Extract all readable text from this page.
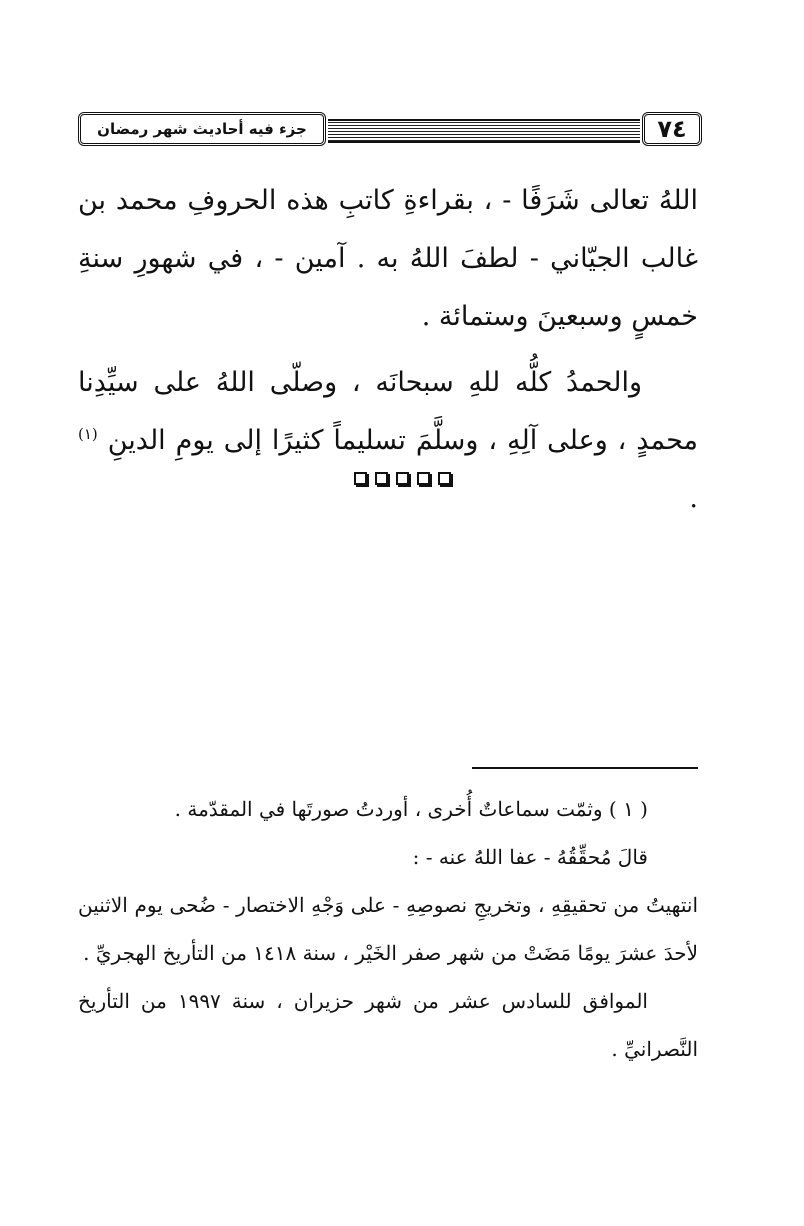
جزء فيه أحاديث شهر رمضان	٧٤

اللهُ تعالى شَرَفًا - ، بقراءةِ كاتبِ هذه الحروفِ محمد بن غالب الجيّاني - لطفَ اللهُ به . آمين - ، في شهورِ سنةِ خمسٍ وسبعينَ وستمائة .

والحمدُ كلُّه للهِ سبحانَه ، وصلّى اللهُ على سيِّدِنا محمدٍ ، وعلى آلِهِ ، وسلَّمَ تسليماً كثيرًا إلى يومِ الدينِ $^{(١)}$ .

( ١ ) وثمّت سماعاتٌ أُخرى ، أوردتُ صورتَها في المقدّمة .

قالَ مُحقِّقُهُ - عفا اللهُ عنه - :

انتهيتُ من تحقيقِهِ ، وتخريجِ نصوصِهِ - على وَجْهِ الاختصار - ضُحى يوم الاثنين لأحدَ عشرَ يومًا مَضَتْ من شهر صفر الخَيْر ، سنة ١٤١٨ من التأريخ الهجريِّ .

الموافق للسادس عشر من شهر حزيران ، سنة ١٩٩٧ من التأريخ النَّصرانيِّ .
